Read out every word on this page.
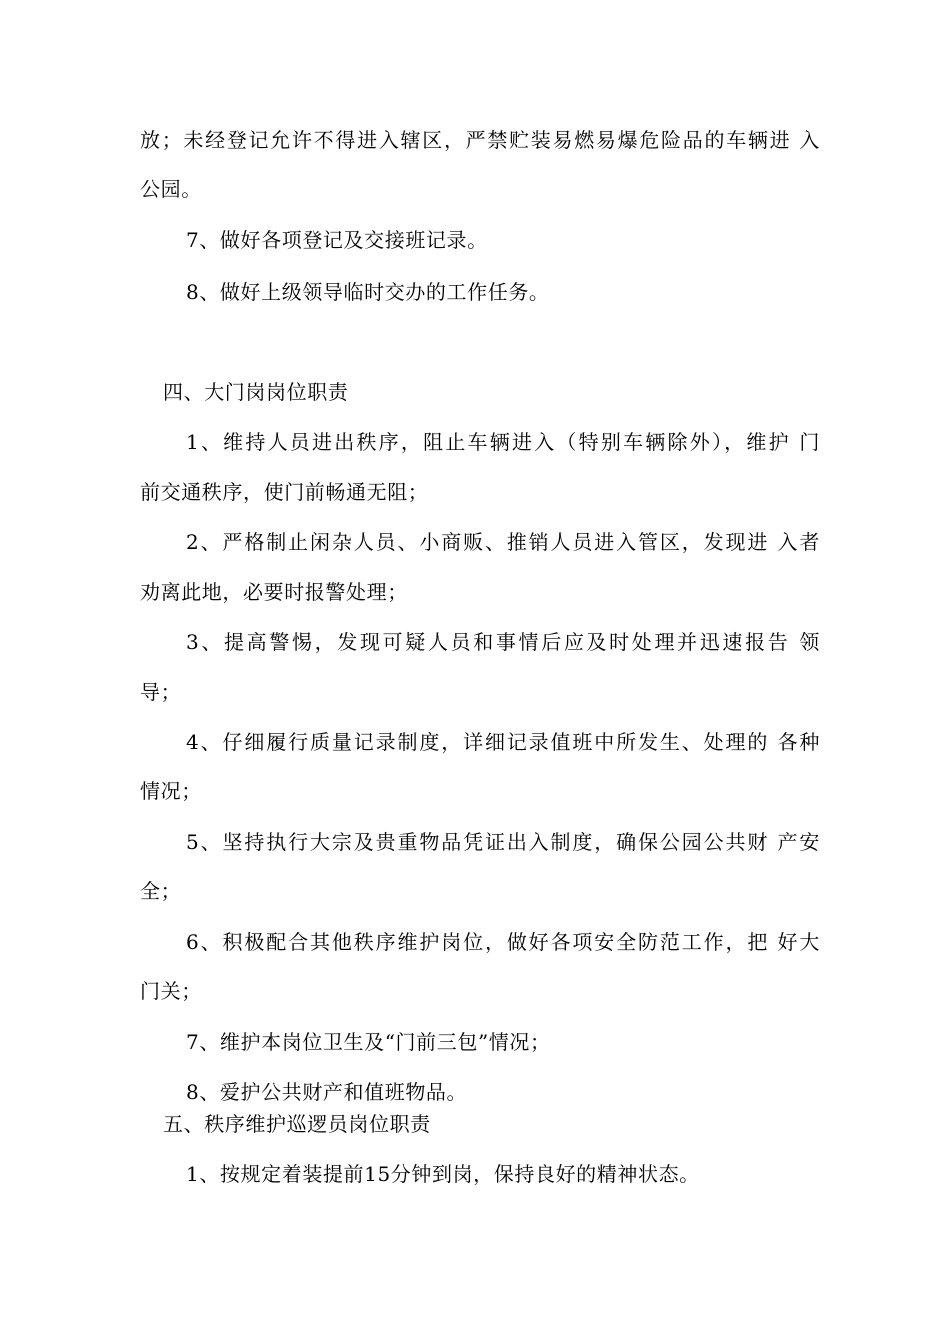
放；未经登记允许不得进入辖区，严禁贮装易燃易爆危险品的车辆进 入
公园。
7、做好各项登记及交接班记录。
8、做好上级领导临时交办的工作任务。
四、大门岗岗位职责
1、维持人员进出秩序，阻止车辆进入（特别车辆除外），维护 门
前交通秩序，使门前畅通无阻；
2、严格制止闲杂人员、小商贩、推销人员进入管区，发现进 入者
劝离此地，必要时报警处理；
3、提高警惕，发现可疑人员和事情后应及时处理并迅速报告 领
导；
4、仔细履行质量记录制度，详细记录值班中所发生、处理的 各种
情况；
5、坚持执行大宗及贵重物品凭证出入制度，确保公园公共财 产安
全；
6、积极配合其他秩序维护岗位，做好各项安全防范工作，把 好大
门关；
7、维护本岗位卫生及“门前三包”情况；
8、爱护公共财产和值班物品。
五、秩序维护巡逻员岗位职责
1、按规定着装提前15分钟到岗，保持良好的精神状态。
